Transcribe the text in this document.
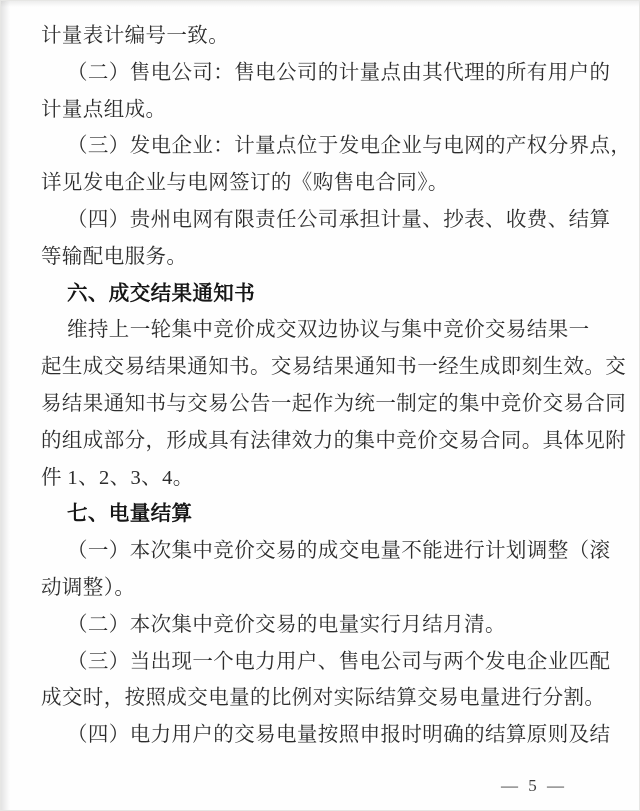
计量表计编号一致。
（二）售电公司：售电公司的计量点由其代理的所有用户的
计量点组成。
（三）发电企业：计量点位于发电企业与电网的产权分界点，
详见发电企业与电网签订的《购售电合同》。
（四）贵州电网有限责任公司承担计量、抄表、收费、结算
等输配电服务。
六、成交结果通知书
维持上一轮集中竞价成交双边协议与集中竞价交易结果一
起生成交易结果通知书。交易结果通知书一经生成即刻生效。交
易结果通知书与交易公告一起作为统一制定的集中竞价交易合同
的组成部分，形成具有法律效力的集中竞价交易合同。具体见附
件 1、2、3、4。
七、电量结算
（一）本次集中竞价交易的成交电量不能进行计划调整（滚
动调整）。
（二）本次集中竞价交易的电量实行月结月清。
（三）当出现一个电力用户、售电公司与两个发电企业匹配
成交时，按照成交电量的比例对实际结算交易电量进行分割。
（四）电力用户的交易电量按照申报时明确的结算原则及结
— 5 —
